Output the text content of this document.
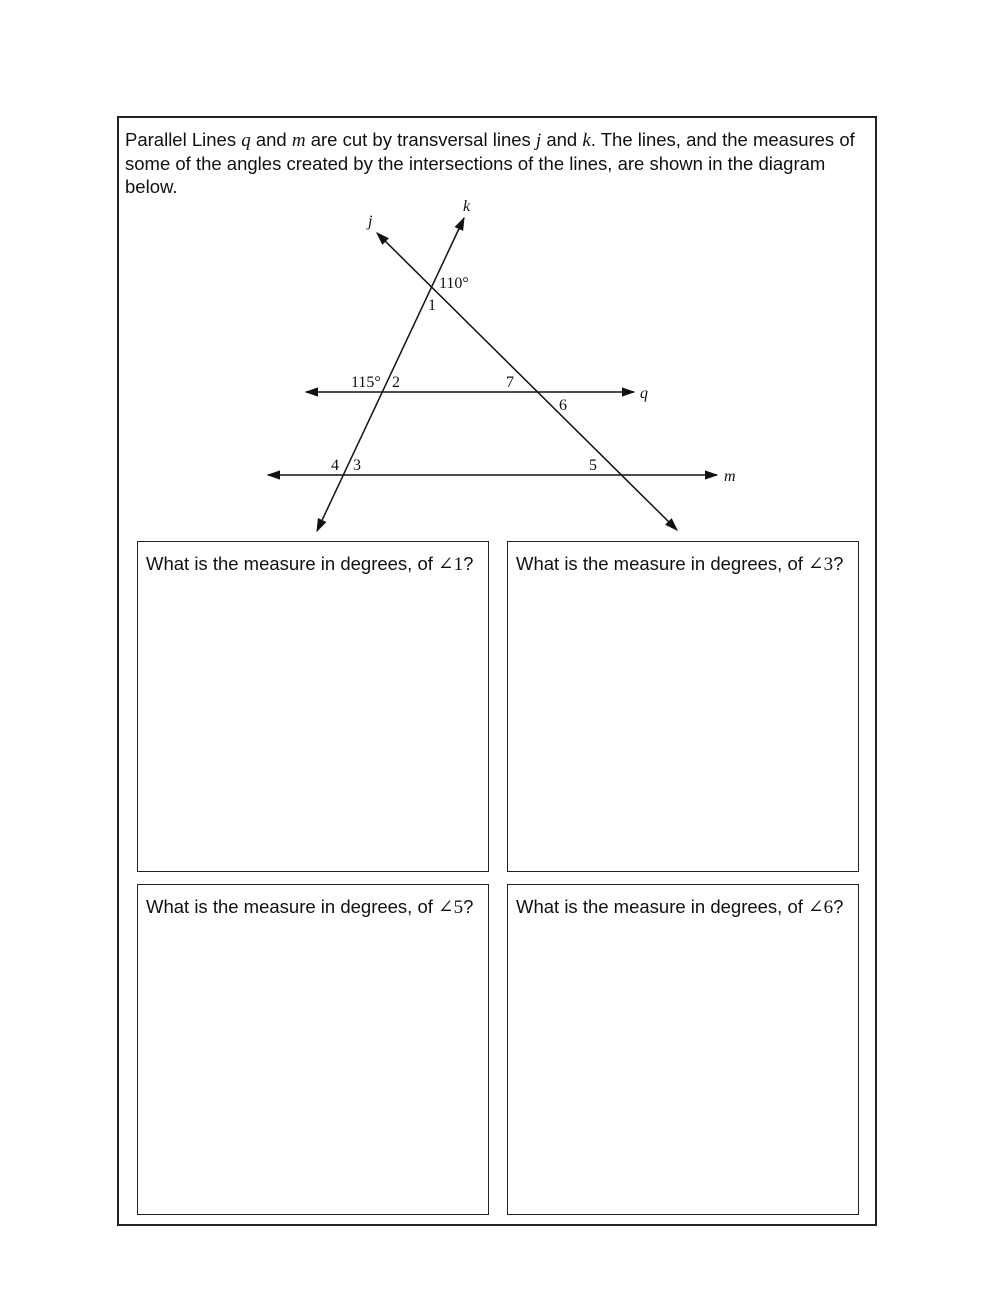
Parallel Lines q and m are cut by transversal lines j and k. The lines, and the measures of some of the angles created by the intersections of the lines, are shown in the diagram below.

j
k
q
m
110°
115°
1
2
3
4	5
6
7

What is the measure in degrees, of ∠1? What is the measure in degrees, of ∠3?

What is the measure in degrees, of ∠5? What is the measure in degrees, of ∠6?
